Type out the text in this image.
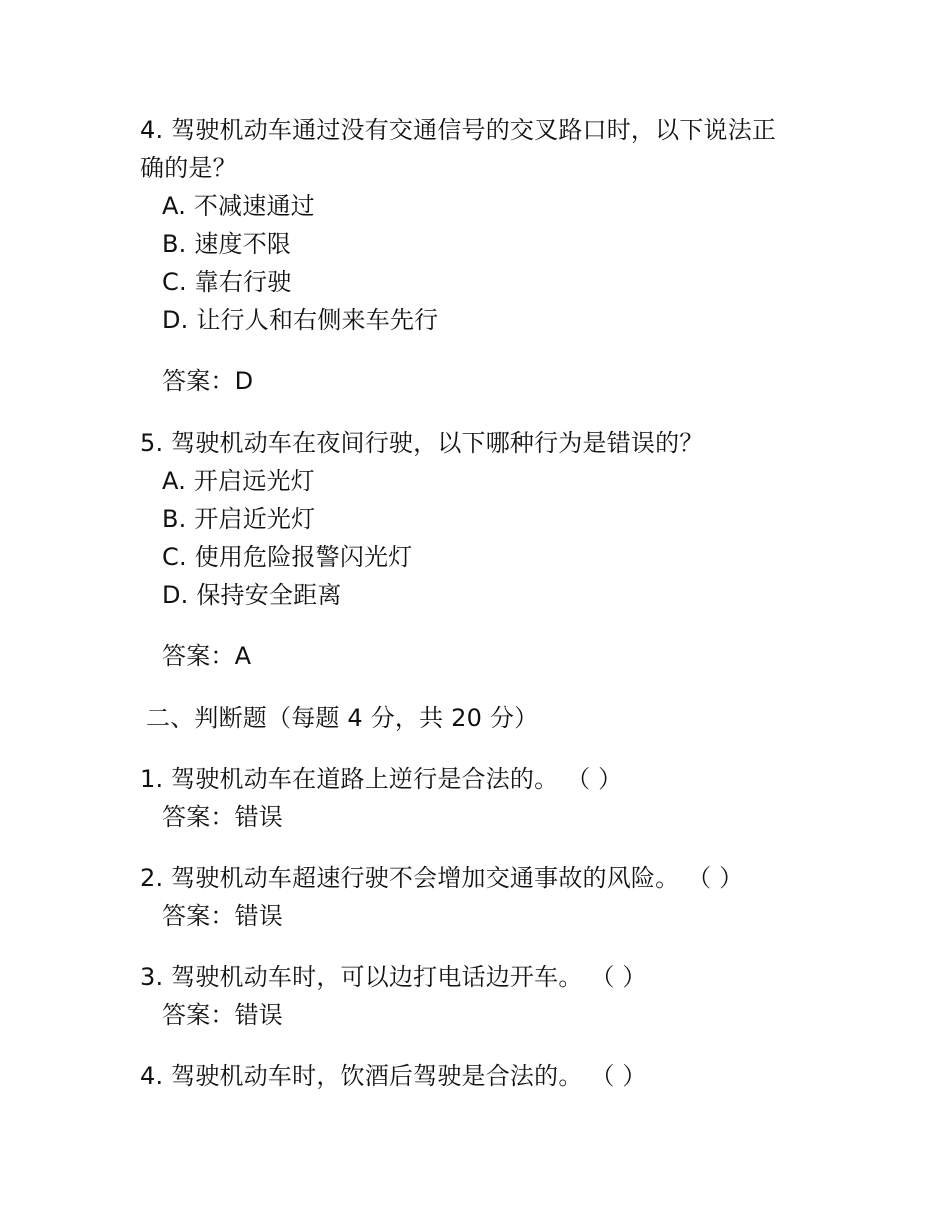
4. 驾驶机动车通过没有交通信号的交叉路口时，以下说法正
确的是？
A. 不减速通过
B. 速度不限
C. 靠右行驶
D. 让行人和右侧来车先行
答案：D
5. 驾驶机动车在夜间行驶，以下哪种行为是错误的？
A. 开启远光灯
B. 开启近光灯
C. 使用危险报警闪光灯
D. 保持安全距离
答案：A
二、判断题（每题 4 分，共 20 分）
1. 驾驶机动车在道路上逆行是合法的。 （ ）
答案：错误
2. 驾驶机动车超速行驶不会增加交通事故的风险。 （ ）
答案：错误
3. 驾驶机动车时，可以边打电话边开车。 （ ）
答案：错误
4. 驾驶机动车时，饮酒后驾驶是合法的。 （ ）
